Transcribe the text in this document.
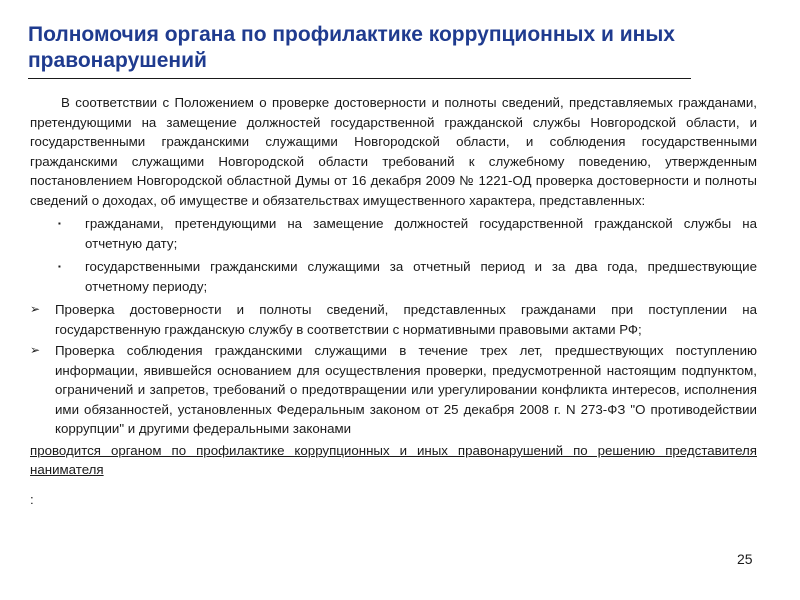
Полномочия органа по профилактике коррупционных и иных правонарушений

В соответствии с Положением о проверке достоверности и полноты сведений, представляемых гражданами, претендующими на замещение должностей государственной гражданской службы Новгородской области, и государственными гражданскими служащими Новгородской области, и соблюдения государственными гражданскими служащими Новгородской области требований к служебному поведению, утвержденным постановлением Новгородской областной Думы от 16 декабря 2009 № 1221-ОД проверка достоверности и полноты сведений о доходах, об имуществе и обязательствах имущественного характера, представленных:

▪ гражданами, претендующими на замещение должностей государственной гражданской службы на отчетную дату;
▪ государственными гражданскими служащими за отчетный период и за два года, предшествующие отчетному периоду;
➢ Проверка достоверности и полноты сведений, представленных гражданами при поступлении на государственную гражданскую службу в соответствии с нормативными правовыми актами РФ;
➢ Проверка соблюдения гражданскими служащими в течение трех лет, предшествующих поступлению информации, явившейся основанием для осуществления проверки, предусмотренной настоящим подпунктом, ограничений и запретов, требований о предотвращении или урегулировании конфликта интересов, исполнения ими обязанностей, установленных Федеральным законом от 25 декабря 2008 г. N 273-ФЗ "О противодействии коррупции" и другими федеральными законами

проводится органом по профилактике коррупционных и иных правонарушений по решению представителя нанимателя

:

25
